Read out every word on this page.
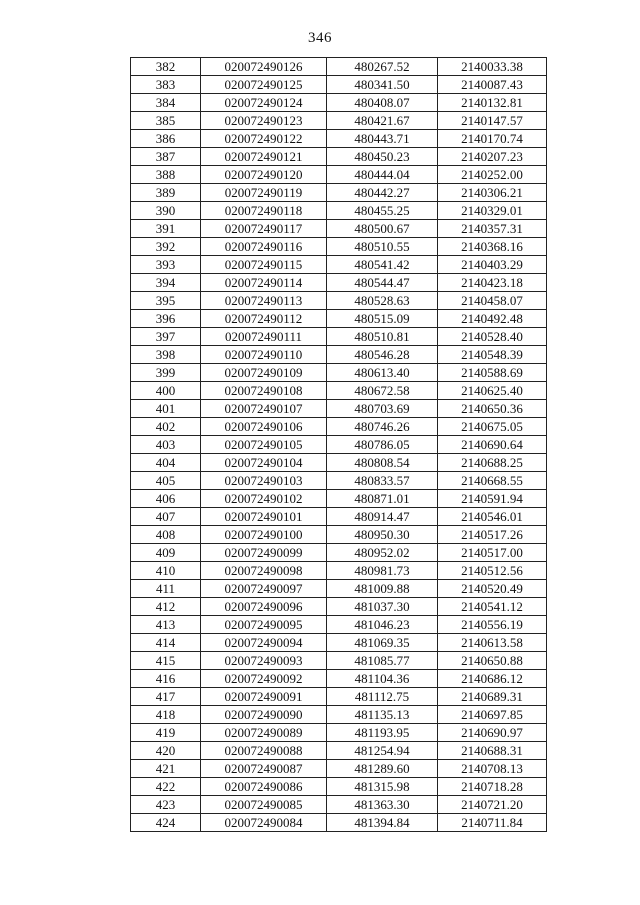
346
382	020072490126	480267.52	2140033.38
383	020072490125	480341.50	2140087.43
384	020072490124	480408.07	2140132.81
385	020072490123	480421.67	2140147.57
386	020072490122	480443.71	2140170.74
387	020072490121	480450.23	2140207.23
388	020072490120	480444.04	2140252.00
389	020072490119	480442.27	2140306.21
390	020072490118	480455.25	2140329.01
391	020072490117	480500.67	2140357.31
392	020072490116	480510.55	2140368.16
393	020072490115	480541.42	2140403.29
394	020072490114	480544.47	2140423.18
395	020072490113	480528.63	2140458.07
396	020072490112	480515.09	2140492.48
397	020072490111	480510.81	2140528.40
398	020072490110	480546.28	2140548.39
399	020072490109	480613.40	2140588.69
400	020072490108	480672.58	2140625.40
401	020072490107	480703.69	2140650.36
402	020072490106	480746.26	2140675.05
403	020072490105	480786.05	2140690.64
404	020072490104	480808.54	2140688.25
405	020072490103	480833.57	2140668.55
406	020072490102	480871.01	2140591.94
407	020072490101	480914.47	2140546.01
408	020072490100	480950.30	2140517.26
409	020072490099	480952.02	2140517.00
410	020072490098	480981.73	2140512.56
411	020072490097	481009.88	2140520.49
412	020072490096	481037.30	2140541.12
413	020072490095	481046.23	2140556.19
414	020072490094	481069.35	2140613.58
415	020072490093	481085.77	2140650.88
416	020072490092	481104.36	2140686.12
417	020072490091	481112.75	2140689.31
418	020072490090	481135.13	2140697.85
419	020072490089	481193.95	2140690.97
420	020072490088	481254.94	2140688.31
421	020072490087	481289.60	2140708.13
422	020072490086	481315.98	2140718.28
423	020072490085	481363.30	2140721.20
424	020072490084	481394.84	2140711.84
